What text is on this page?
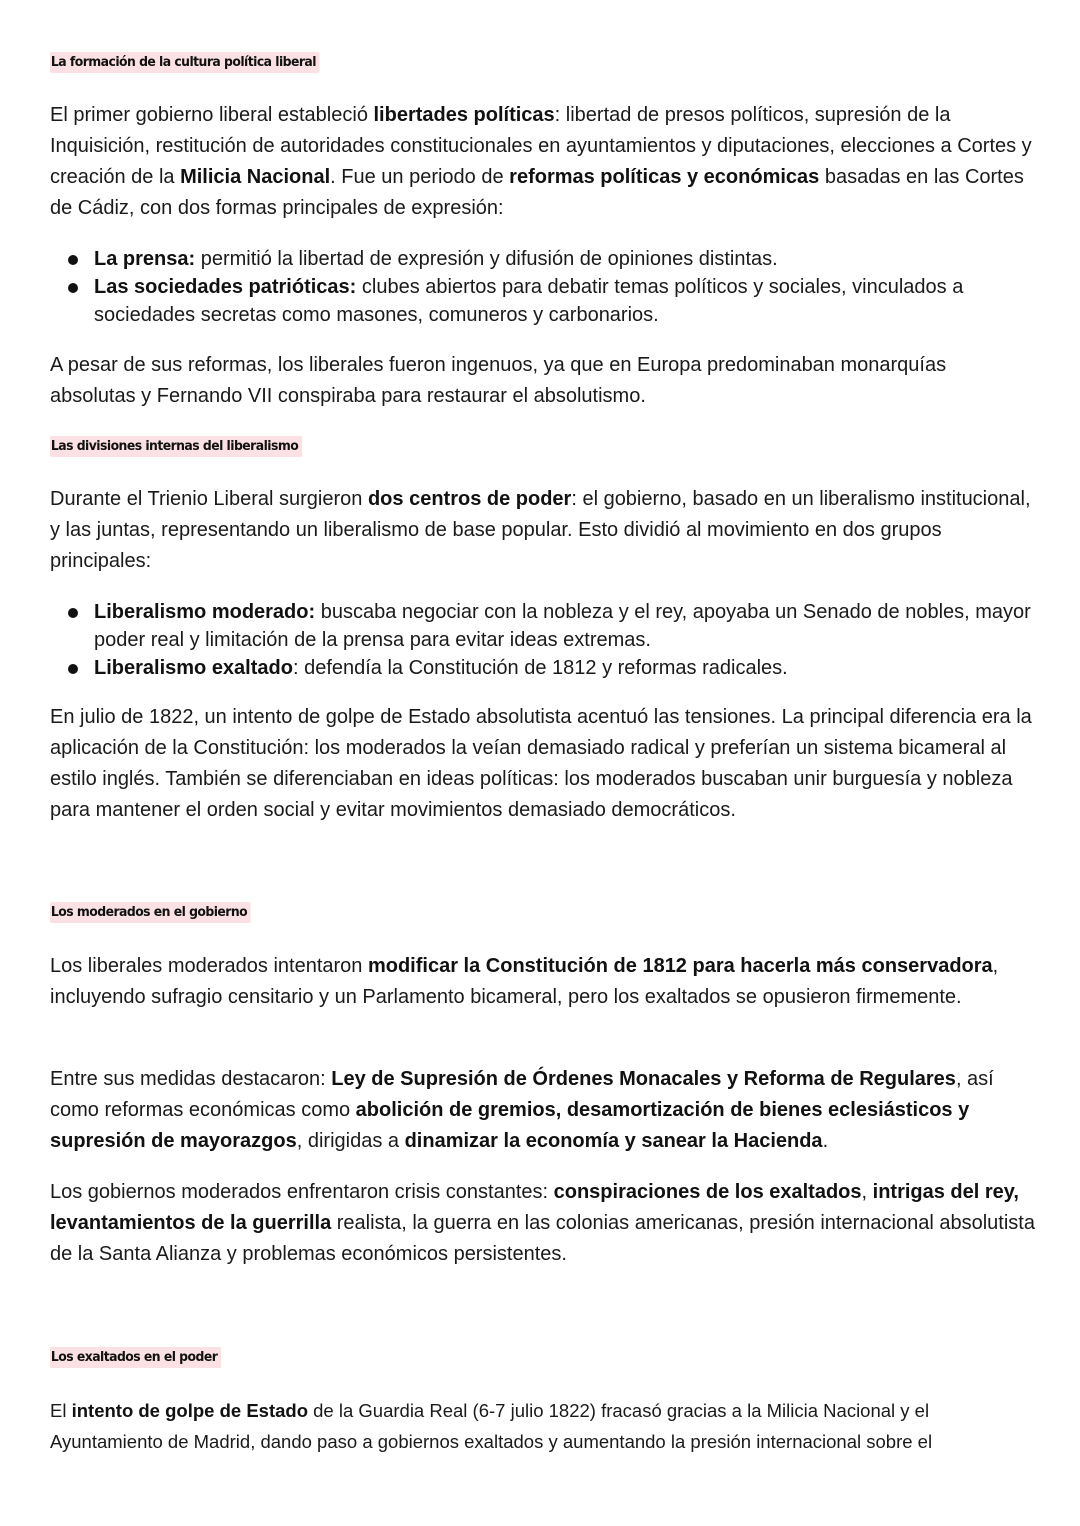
La formación de la cultura política liberal

El primer gobierno liberal estableció libertades políticas: libertad de presos políticos, supresión de la Inquisición, restitución de autoridades constitucionales en ayuntamientos y diputaciones, elecciones a Cortes y creación de la Milicia Nacional. Fue un periodo de reformas políticas y económicas basadas en las Cortes de Cádiz, con dos formas principales de expresión:

La prensa: permitió la libertad de expresión y difusión de opiniones distintas.
Las sociedades patrióticas: clubes abiertos para debatir temas políticos y sociales, vinculados a sociedades secretas como masones, comuneros y carbonarios.

A pesar de sus reformas, los liberales fueron ingenuos, ya que en Europa predominaban monarquías absolutas y Fernando VII conspiraba para restaurar el absolutismo.

Las divisiones internas del liberalismo

Durante el Trienio Liberal surgieron dos centros de poder: el gobierno, basado en un liberalismo institucional, y las juntas, representando un liberalismo de base popular. Esto dividió al movimiento en dos grupos principales:

Liberalismo moderado: buscaba negociar con la nobleza y el rey, apoyaba un Senado de nobles, mayor poder real y limitación de la prensa para evitar ideas extremas.
Liberalismo exaltado: defendía la Constitución de 1812 y reformas radicales.

En julio de 1822, un intento de golpe de Estado absolutista acentuó las tensiones. La principal diferencia era la aplicación de la Constitución: los moderados la veían demasiado radical y preferían un sistema bicameral al estilo inglés. También se diferenciaban en ideas políticas: los moderados buscaban unir burguesía y nobleza para mantener el orden social y evitar movimientos demasiado democráticos.

Los moderados en el gobierno

Los liberales moderados intentaron modificar la Constitución de 1812 para hacerla más conservadora, incluyendo sufragio censitario y un Parlamento bicameral, pero los exaltados se opusieron firmemente.

Entre sus medidas destacaron: Ley de Supresión de Órdenes Monacales y Reforma de Regulares, así como reformas económicas como abolición de gremios, desamortización de bienes eclesiásticos y supresión de mayorazgos, dirigidas a dinamizar la economía y sanear la Hacienda.

Los gobiernos moderados enfrentaron crisis constantes: conspiraciones de los exaltados, intrigas del rey, levantamientos de la guerrilla realista, la guerra en las colonias americanas, presión internacional absolutista de la Santa Alianza y problemas económicos persistentes.

Los exaltados en el poder

El intento de golpe de Estado de la Guardia Real (6-7 julio 1822) fracasó gracias a la Milicia Nacional y el Ayuntamiento de Madrid, dando paso a gobiernos exaltados y aumentando la presión internacional sobre el
